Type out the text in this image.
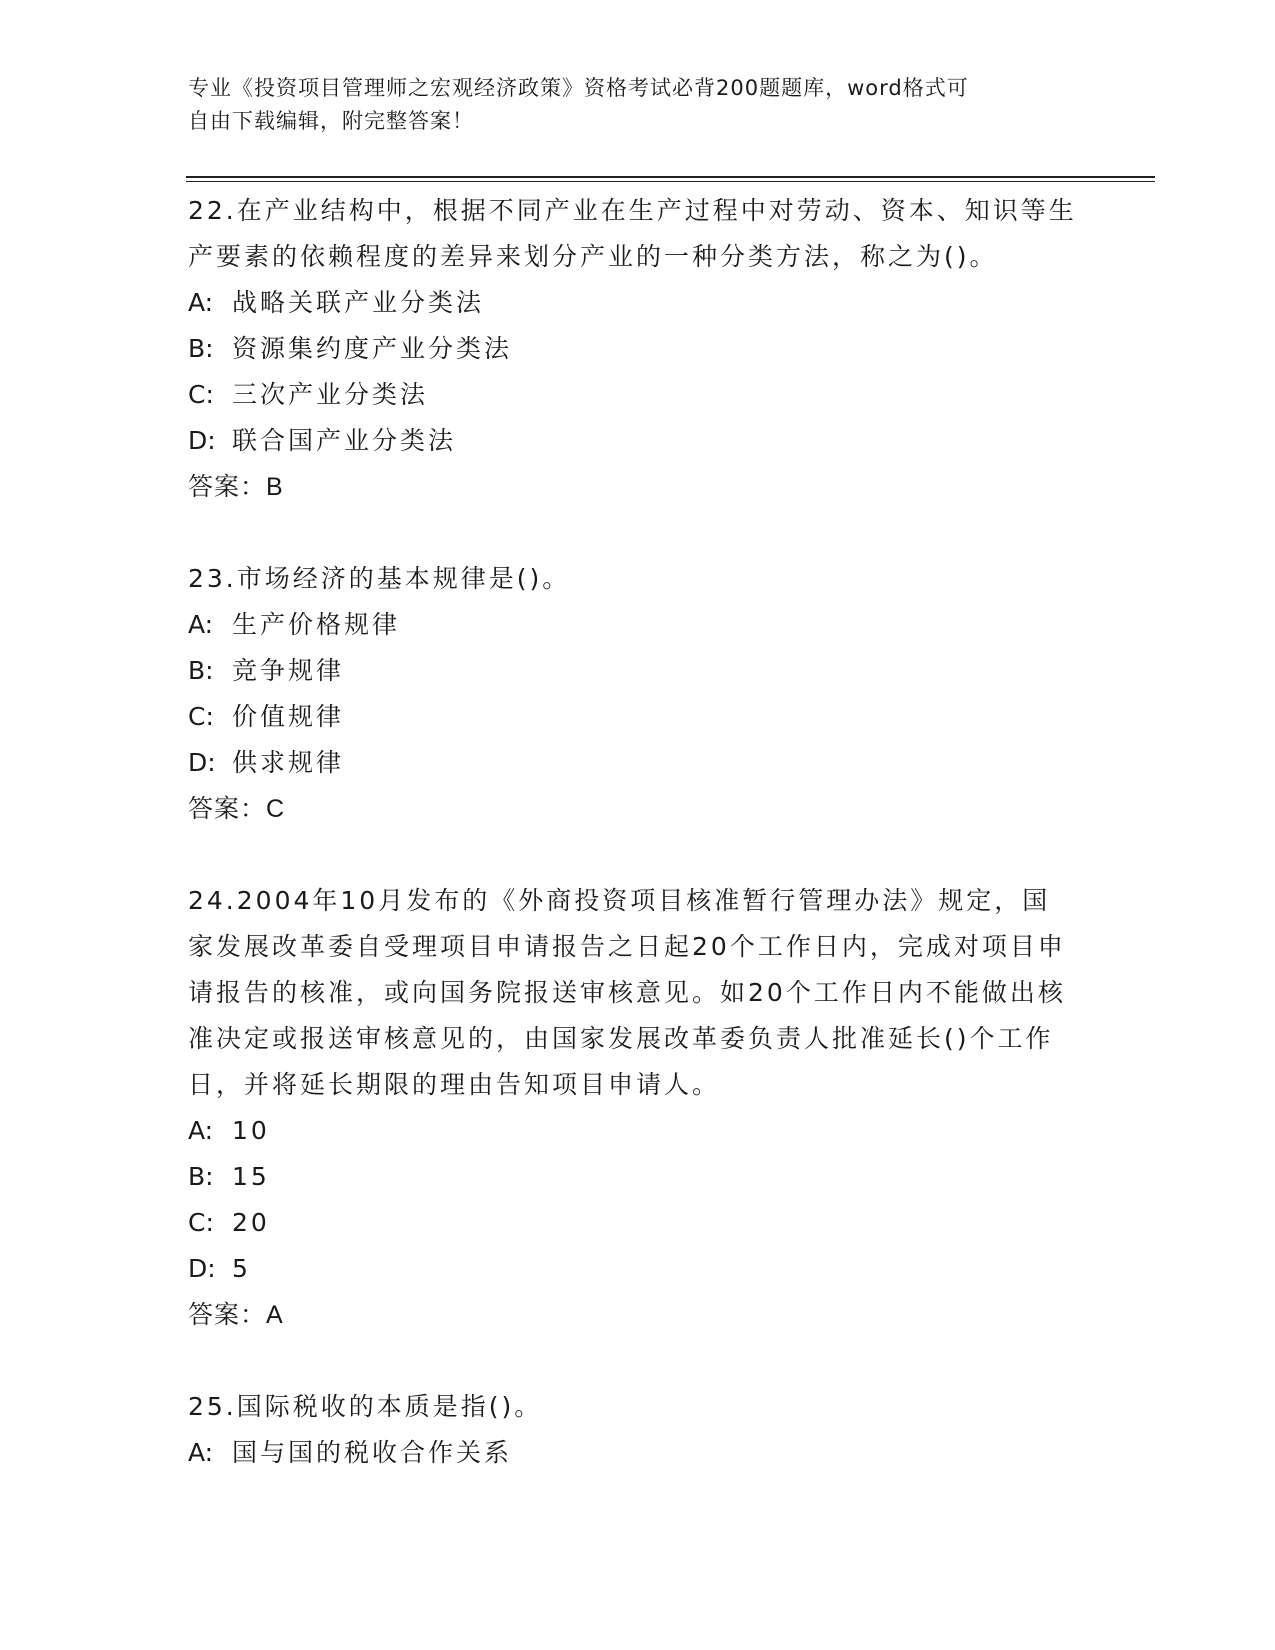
专业《投资项目管理师之宏观经济政策》资格考试必背200题题库，word格式可
自由下载编辑，附完整答案！

22.在产业结构中，根据不同产业在生产过程中对劳动、资本、知识等生产要素的依赖程度的差异来划分产业的一种分类方法，称之为()。

A: 战略关联产业分类法
B: 资源集约度产业分类法
C: 三次产业分类法
D: 联合国产业分类法

答案：B

23.市场经济的基本规律是()。

A: 生产价格规律
B: 竞争规律
C: 价值规律
D: 供求规律

答案：C

24.2004年10月发布的《外商投资项目核准暂行管理办法》规定，国家发展改革委自受理项目申请报告之日起20个工作日内，完成对项目申请报告的核准，或向国务院报送审核意见。如20个工作日内不能做出核准决定或报送审核意见的，由国家发展改革委负责人批准延长()个工作日，并将延长期限的理由告知项目申请人。

A: 10
B: 15
C: 20
D: 5

答案：A

25.国际税收的本质是指()。

A: 国与国的税收合作关系
